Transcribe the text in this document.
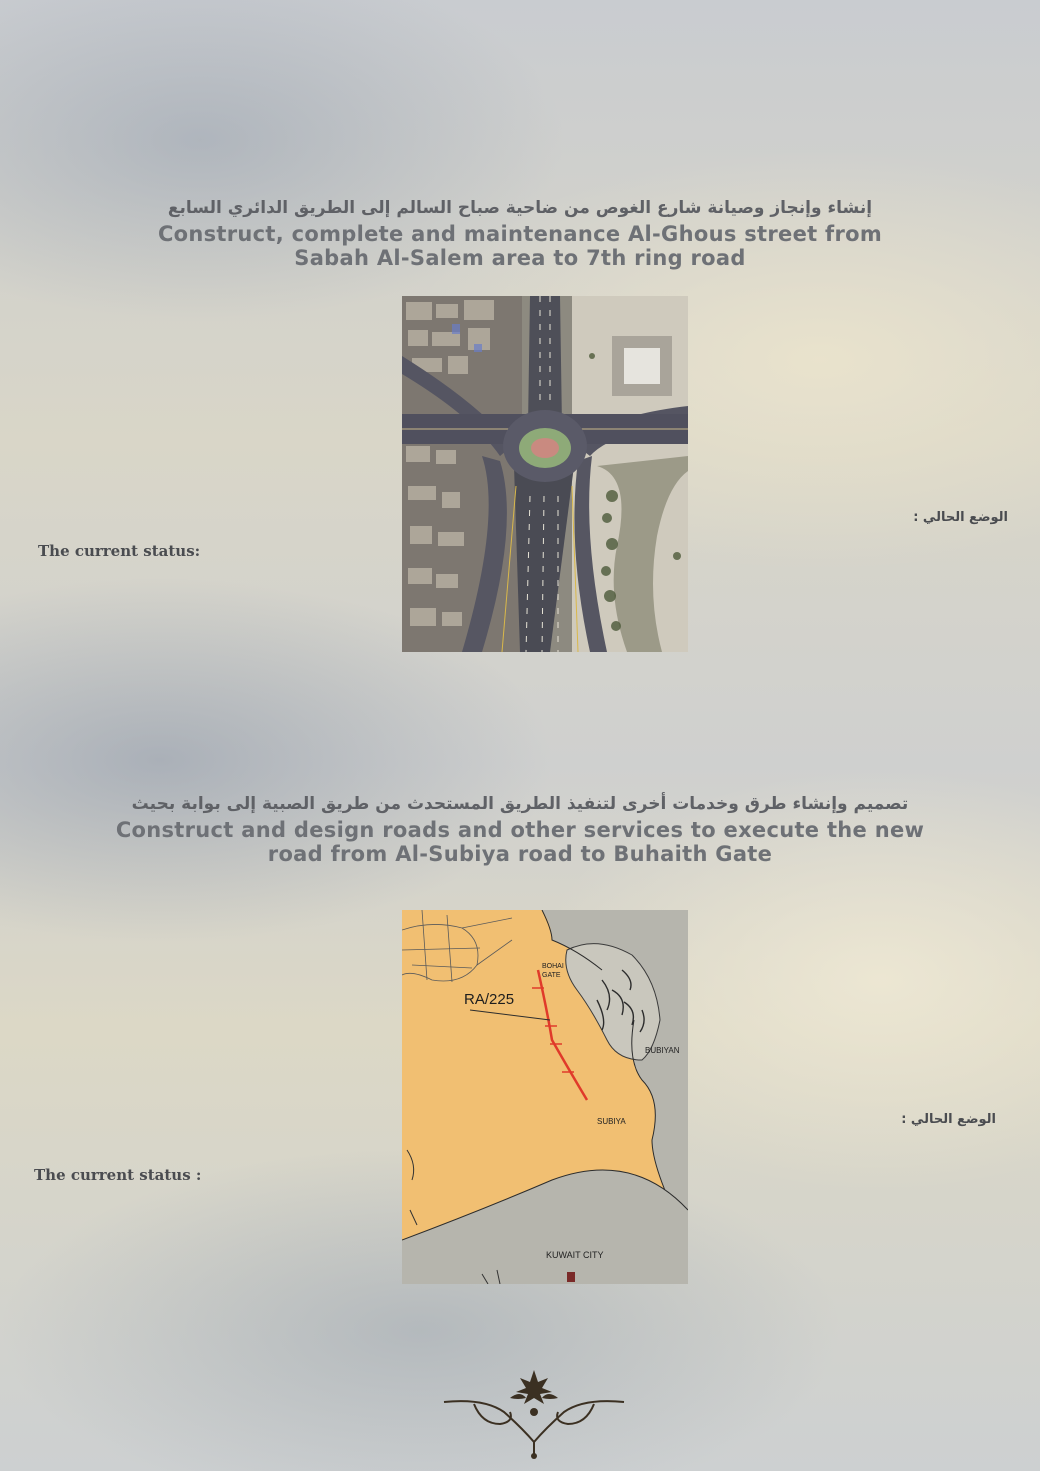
إنشاء وإنجاز وصيانة شارع الغوص من ضاحية صباح السالم إلى الطريق الدائري السابع
Construct, complete and maintenance Al-Ghous street from
Sabah Al-Salem area to 7th ring road
The current status:
الوضع الحالي :
تصميم وإنشاء طرق وخدمات أخرى لتنفيذ الطريق المستحدث من طريق الصبية إلى بوابة بحيث
Construct and design roads and other services to execute the new
road from Al-Subiya road to Buhaith Gate
BOHAI
GATE
RA/225
BUBIYAN
SUBIYA
KUWAIT CITY
The current status :
الوضع الحالي :
